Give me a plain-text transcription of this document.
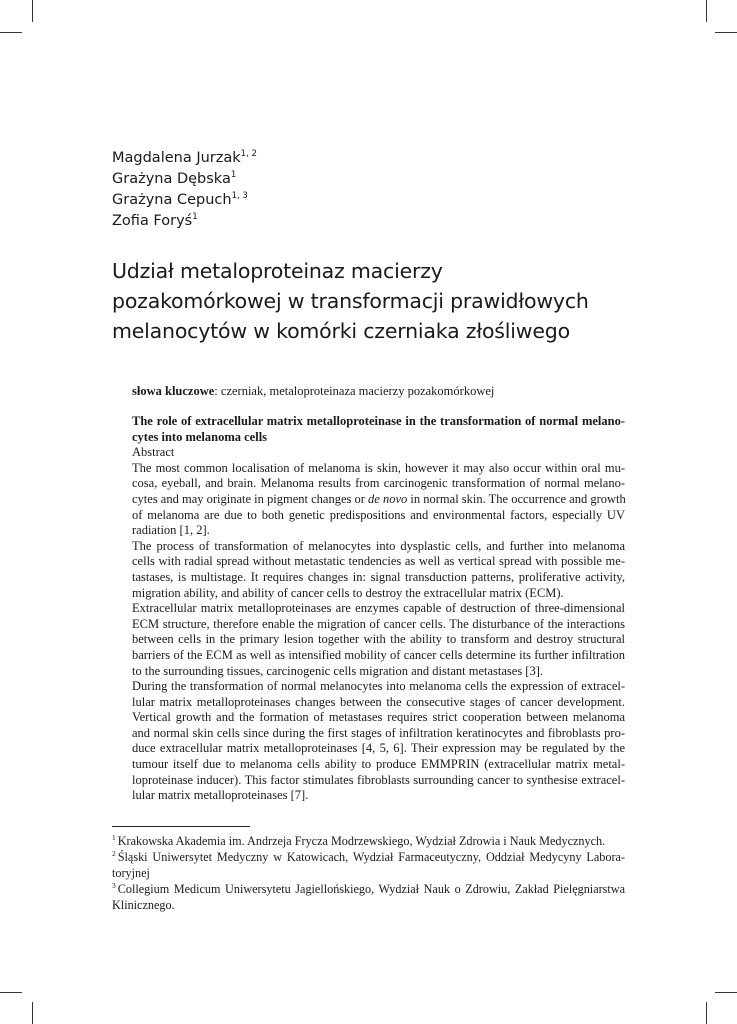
Magdalena Jurzak$^{1, 2}$
Grażyna Dębska$^1$
Grażyna Cepuch$^{1, 3}$
Zofia Foryś$^1$
Udział metaloproteinaz macierzy
pozakomórkowej w transformacji prawidłowych
melanocytów w komórki czerniaka złośliwego
słowa kluczowe: czerniak, metaloproteinaza macierzy pozakomórkowej
The role of extracellular matrix metalloproteinase in the transformation of normal melano-
cytes into melanoma cells
Abstract
The most common localisation of melanoma is skin, however it may also occur within oral mu-
cosa, eyeball, and brain. Melanoma results from carcinogenic transformation of normal melano-
cytes and may originate in pigment changes or de novo in normal skin. The occurrence and growth
of melanoma are due to both genetic predispositions and environmental factors, especially UV
radiation [1, 2].
The process of transformation of melanocytes into dysplastic cells, and further into melanoma
cells with radial spread without metastatic tendencies as well as vertical spread with possible me-
tastases, is multistage. It requires changes in: signal transduction patterns, proliferative activity,
migration ability, and ability of cancer cells to destroy the extracellular matrix (ECM).
Extracellular matrix metalloproteinases are enzymes capable of destruction of three-dimensional
ECM structure, therefore enable the migration of cancer cells. The disturbance of the interactions
between cells in the primary lesion together with the ability to transform and destroy structural
barriers of the ECM as well as intensified mobility of cancer cells determine its further infiltration
to the surrounding tissues, carcinogenic cells migration and distant metastases [3].
During the transformation of normal melanocytes into melanoma cells the expression of extracel-
lular matrix metalloproteinases changes between the consecutive stages of cancer development.
Vertical growth and the formation of metastases requires strict cooperation between melanoma
and normal skin cells since during the first stages of infiltration keratinocytes and fibroblasts pro-
duce extracellular matrix metalloproteinases [4, 5, 6]. Their expression may be regulated by the
tumour itself due to melanoma cells ability to produce EMMPRIN (extracellular matrix metal-
loproteinase inducer). This factor stimulates fibroblasts surrounding cancer to synthesise extracel-
lular matrix metalloproteinases [7].
$^1$ Krakowska Akademia im. Andrzeja Frycza Modrzewskiego, Wydział Zdrowia i Nauk Medycznych.
$^2$ Śląski Uniwersytet Medyczny w Katowicach, Wydział Farmaceutyczny, Oddział Medycyny Labora-
toryjnej
$^3$ Collegium Medicum Uniwersytetu Jagiellońskiego, Wydział Nauk o Zdrowiu, Zakład Pielęgniarstwa
Klinicznego.
